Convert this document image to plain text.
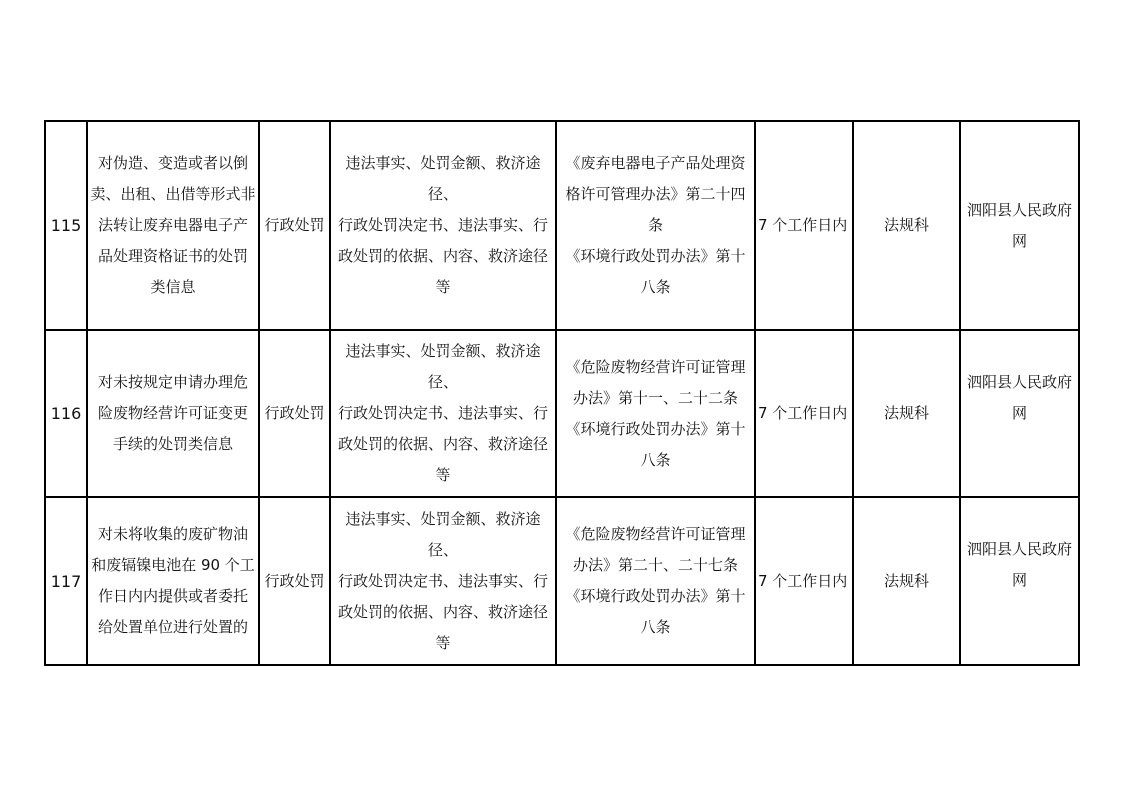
115	对伪造、变造或者以倒
卖、出租、出借等形式非
法转让废弃电器电子产
品处理资格证书的处罚
类信息	行政处罚	违法事实、处罚金额、救济途径、
行政处罚决定书、违法事实、行
政处罚的依据、内容、救济途径
等	《废弃电器电子产品处理资
格许可管理办法》第二十四
条
《环境行政处罚办法》第十
八条	7 个工作日内	法规科	泗阳县人民政府
网

116	对未按规定申请办理危
险废物经营许可证变更
手续的处罚类信息	行政处罚	违法事实、处罚金额、救济途径、
行政处罚决定书、违法事实、行
政处罚的依据、内容、救济途径
等	《危险废物经营许可证管理
办法》第十一、二十二条
《环境行政处罚办法》第十
八条	7 个工作日内	法规科	泗阳县人民政府
网

117	对未将收集的废矿物油
和废镉镍电池在 90 个工
作日内内提供或者委托
给处置单位进行处置的	行政处罚	违法事实、处罚金额、救济途径、
行政处罚决定书、违法事实、行
政处罚的依据、内容、救济途径
等	《危险废物经营许可证管理
办法》第二十、二十七条
《环境行政处罚办法》第十
八条	7 个工作日内	法规科	泗阳县人民政府
网
